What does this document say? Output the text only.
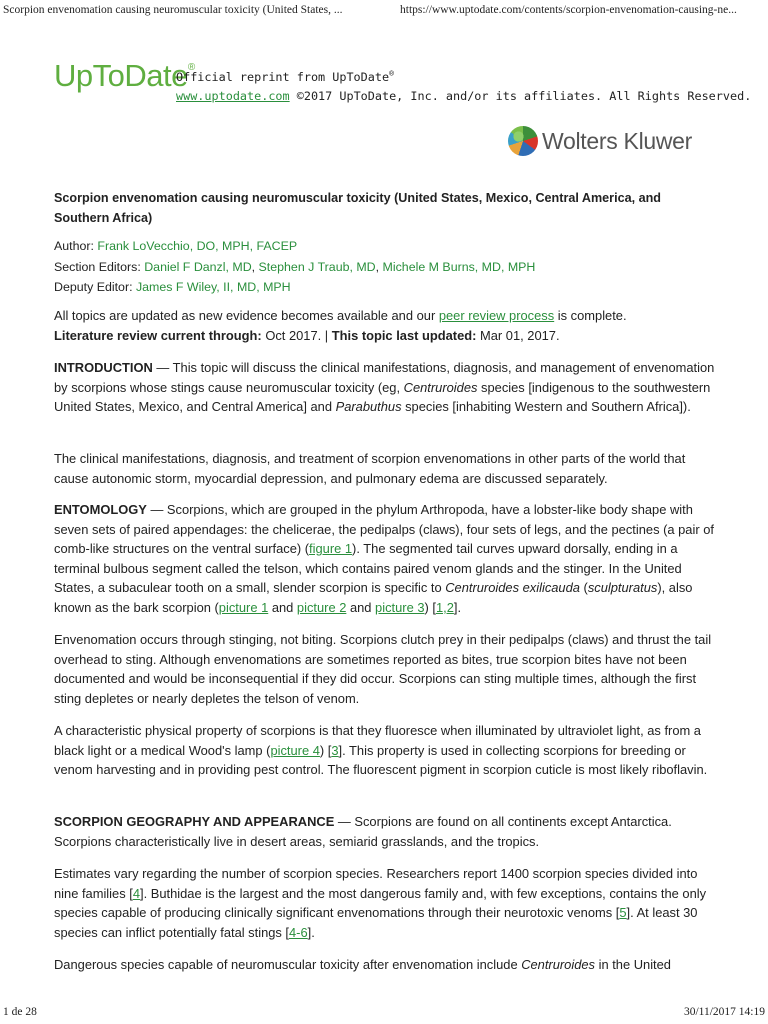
Scorpion envenomation causing neuromuscular toxicity (United States, ...	https://www.uptodate.com/contents/scorpion-envenomation-causing-ne...
UpToDate®
Official reprint from UpToDate®
www.uptodate.com ©2017 UpToDate, Inc. and/or its affiliates. All Rights Reserved.
Wolters Kluwer
Scorpion envenomation causing neuromuscular toxicity (United States, Mexico, Central America, and Southern Africa)
Author: Frank LoVecchio, DO, MPH, FACEP
Section Editors: Daniel F Danzl, MD, Stephen J Traub, MD, Michele M Burns, MD, MPH
Deputy Editor: James F Wiley, II, MD, MPH
All topics are updated as new evidence becomes available and our peer review process is complete.
Literature review current through: Oct 2017. | This topic last updated: Mar 01, 2017.
INTRODUCTION — This topic will discuss the clinical manifestations, diagnosis, and management of envenomation by scorpions whose stings cause neuromuscular toxicity (eg, Centruroides species [indigenous to the southwestern United States, Mexico, and Central America] and Parabuthus species [inhabiting Western and Southern Africa]).
The clinical manifestations, diagnosis, and treatment of scorpion envenomations in other parts of the world that cause autonomic storm, myocardial depression, and pulmonary edema are discussed separately.
ENTOMOLOGY — Scorpions, which are grouped in the phylum Arthropoda, have a lobster-like body shape with seven sets of paired appendages: the chelicerae, the pedipalps (claws), four sets of legs, and the pectines (a pair of comb-like structures on the ventral surface) (figure 1). The segmented tail curves upward dorsally, ending in a terminal bulbous segment called the telson, which contains paired venom glands and the stinger. In the United States, a subaculear tooth on a small, slender scorpion is specific to Centruroides exilicauda (sculpturatus), also known as the bark scorpion (picture 1 and picture 2 and picture 3) [1,2].
Envenomation occurs through stinging, not biting. Scorpions clutch prey in their pedipalps (claws) and thrust the tail overhead to sting. Although envenomations are sometimes reported as bites, true scorpion bites have not been documented and would be inconsequential if they did occur. Scorpions can sting multiple times, although the first sting depletes or nearly depletes the telson of venom.
A characteristic physical property of scorpions is that they fluoresce when illuminated by ultraviolet light, as from a black light or a medical Wood's lamp (picture 4) [3]. This property is used in collecting scorpions for breeding or venom harvesting and in providing pest control. The fluorescent pigment in scorpion cuticle is most likely riboflavin.
SCORPION GEOGRAPHY AND APPEARANCE — Scorpions are found on all continents except Antarctica. Scorpions characteristically live in desert areas, semiarid grasslands, and the tropics.
Estimates vary regarding the number of scorpion species. Researchers report 1400 scorpion species divided into nine families [4]. Buthidae is the largest and the most dangerous family and, with few exceptions, contains the only species capable of producing clinically significant envenomations through their neurotoxic venoms [5]. At least 30 species can inflict potentially fatal stings [4-6].
Dangerous species capable of neuromuscular toxicity after envenomation include Centruroides in the United
1 de 28	30/11/2017 14:19
